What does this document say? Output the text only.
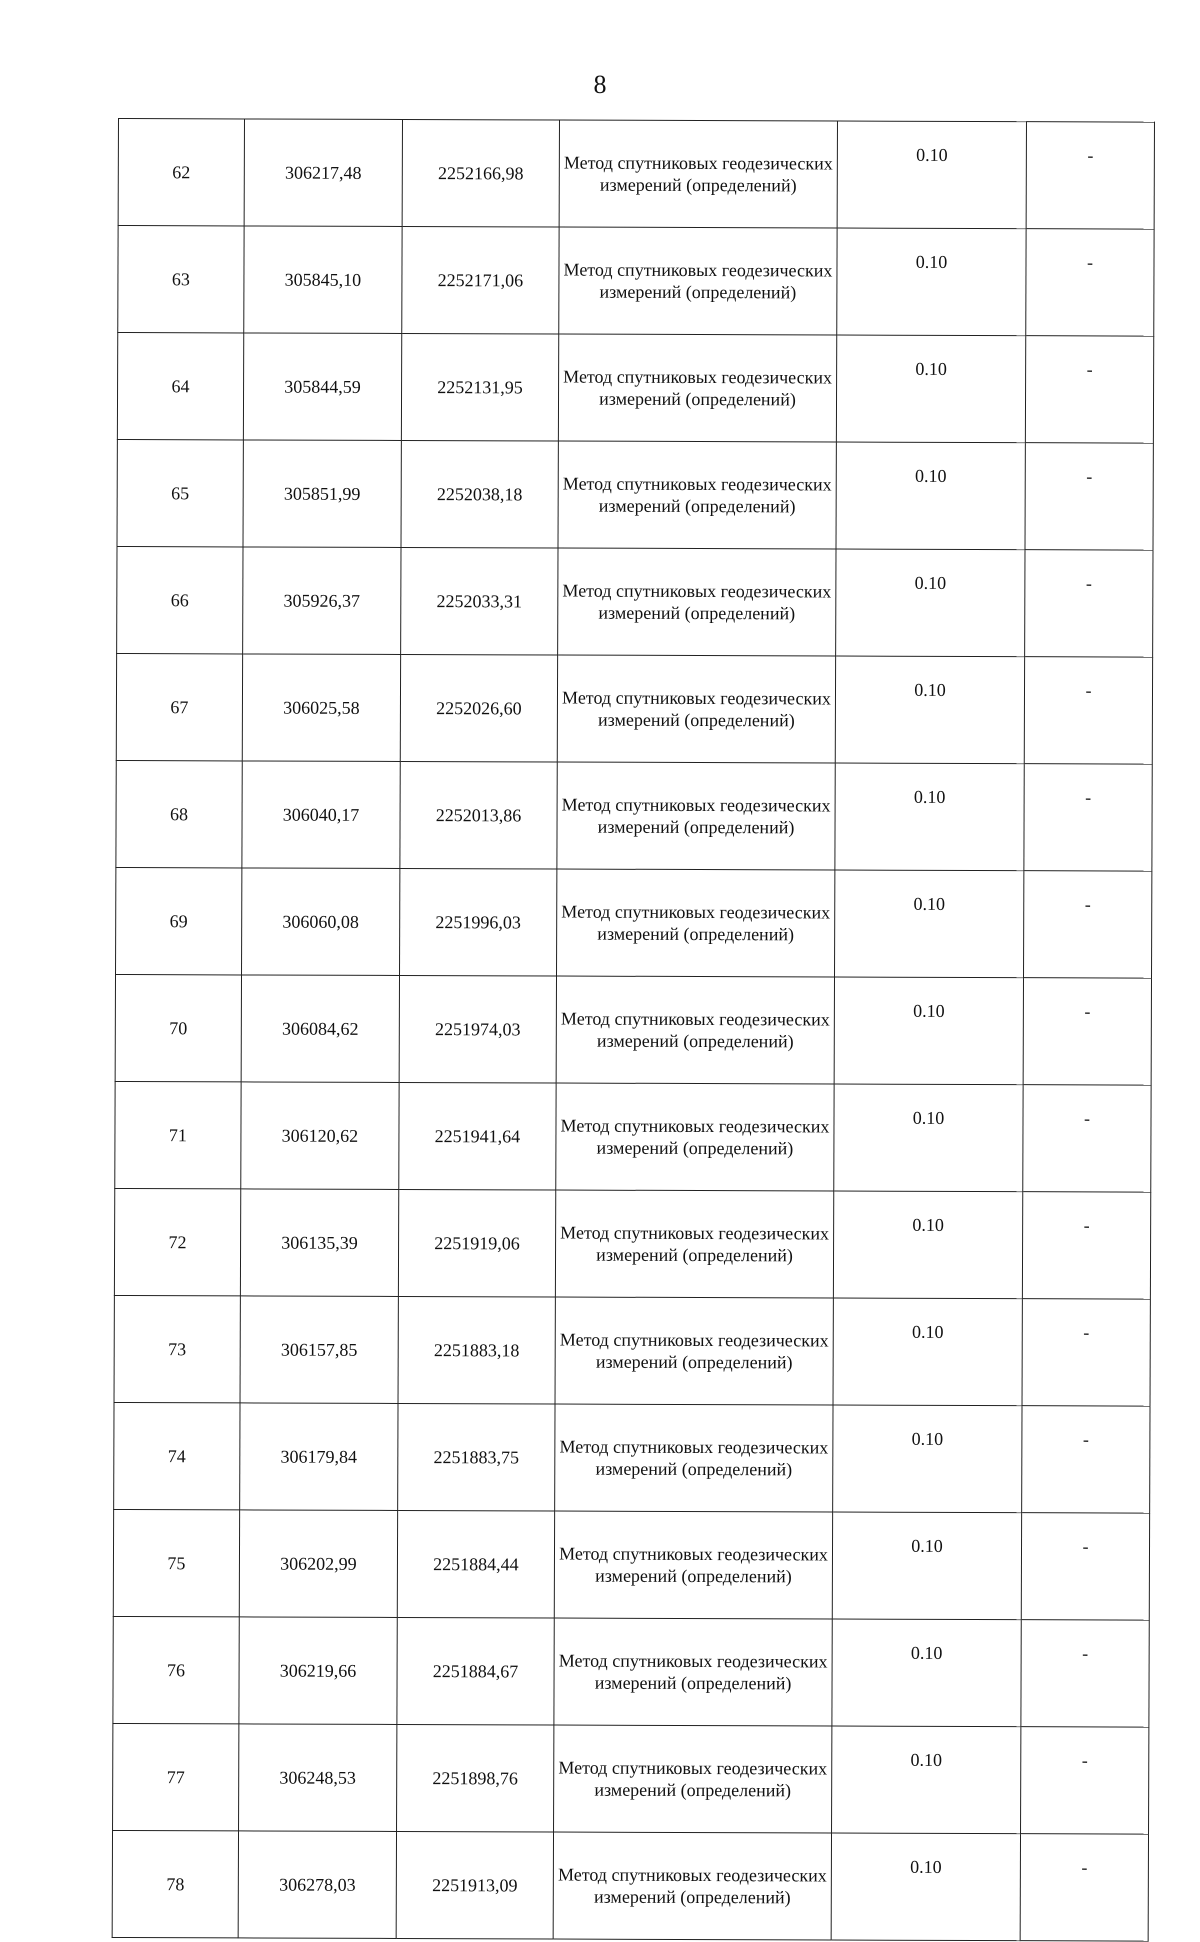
8
62	306217,48	2252166,98	Метод спутниковых геодезических измерений (определений)	0.10	-
63	305845,10	2252171,06	Метод спутниковых геодезических измерений (определений)	0.10	-
64	305844,59	2252131,95	Метод спутниковых геодезических измерений (определений)	0.10	-
65	305851,99	2252038,18	Метод спутниковых геодезических измерений (определений)	0.10	-
66	305926,37	2252033,31	Метод спутниковых геодезических измерений (определений)	0.10	-
67	306025,58	2252026,60	Метод спутниковых геодезических измерений (определений)	0.10	-
68	306040,17	2252013,86	Метод спутниковых геодезических измерений (определений)	0.10	-
69	306060,08	2251996,03	Метод спутниковых геодезических измерений (определений)	0.10	-
70	306084,62	2251974,03	Метод спутниковых геодезических измерений (определений)	0.10	-
71	306120,62	2251941,64	Метод спутниковых геодезических измерений (определений)	0.10	-
72	306135,39	2251919,06	Метод спутниковых геодезических измерений (определений)	0.10	-
73	306157,85	2251883,18	Метод спутниковых геодезических измерений (определений)	0.10	-
74	306179,84	2251883,75	Метод спутниковых геодезических измерений (определений)	0.10	-
75	306202,99	2251884,44	Метод спутниковых геодезических измерений (определений)	0.10	-
76	306219,66	2251884,67	Метод спутниковых геодезических измерений (определений)	0.10	-
77	306248,53	2251898,76	Метод спутниковых геодезических измерений (определений)	0.10	-
78	306278,03	2251913,09	Метод спутниковых геодезических измерений (определений)	0.10	-
